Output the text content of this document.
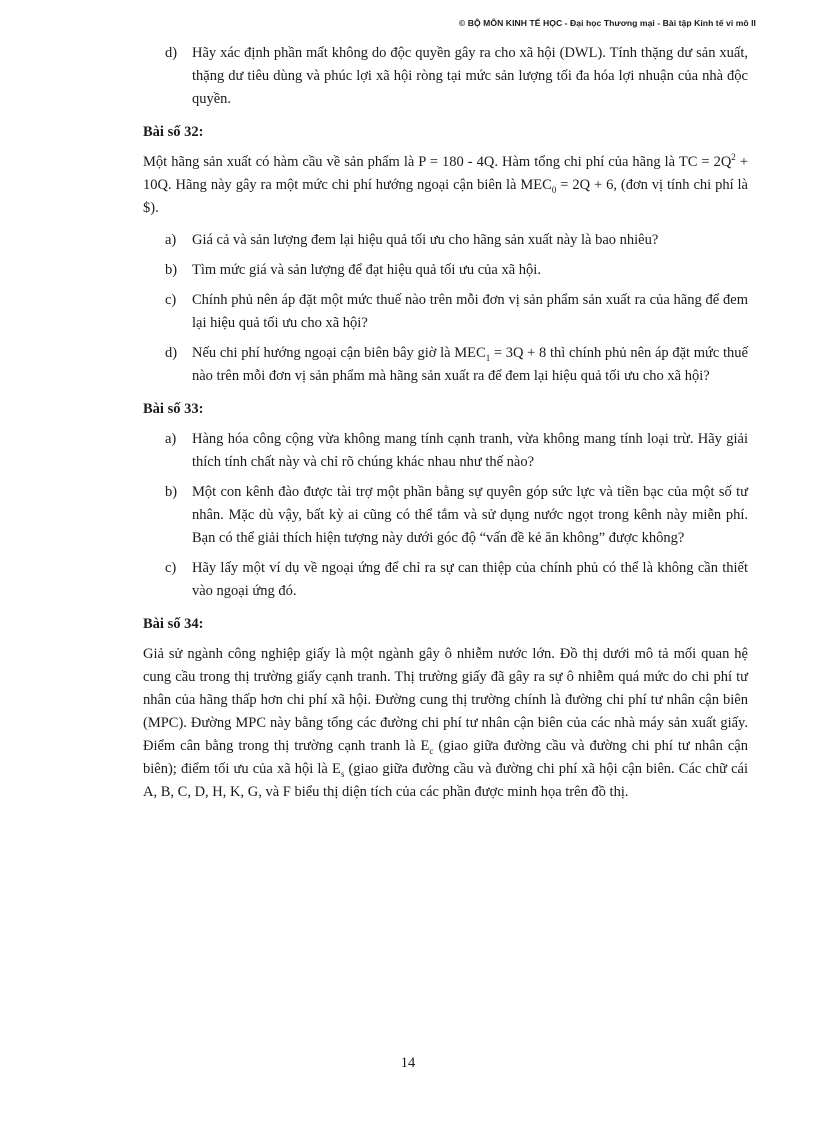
© BỘ MÔN KINH TẾ HỌC - Đại học Thương mại - Bài tập Kinh tế vi mô II
d) Hãy xác định phần mất không do độc quyền gây ra cho xã hội (DWL). Tính thặng dư sản xuất, thặng dư tiêu dùng và phúc lợi xã hội ròng tại mức sản lượng tối đa hóa lợi nhuận của nhà độc quyền.
Bài số 32:
Một hãng sản xuất có hàm cầu về sản phẩm là P = 180 - 4Q. Hàm tổng chi phí của hãng là TC = $2Q^2 + 10Q$. Hãng này gây ra một mức chi phí hướng ngoại cận biên là $MEC_0 = 2Q + 6$, (đơn vị tính chi phí là $).
a) Giá cả và sản lượng đem lại hiệu quả tối ưu cho hãng sản xuất này là bao nhiêu?
b) Tìm mức giá và sản lượng để đạt hiệu quả tối ưu của xã hội.
c) Chính phủ nên áp đặt một mức thuế nào trên mỗi đơn vị sản phẩm sản xuất ra của hãng để đem lại hiệu quả tối ưu cho xã hội?
d) Nếu chi phí hướng ngoại cận biên bây giờ là $MEC_1 = 3Q + 8$ thì chính phủ nên áp đặt mức thuế nào trên mỗi đơn vị sản phẩm mà hãng sản xuất ra để đem lại hiệu quả tối ưu cho xã hội?
Bài số 33:
a) Hàng hóa công cộng vừa không mang tính cạnh tranh, vừa không mang tính loại trừ. Hãy giải thích tính chất này và chỉ rõ chúng khác nhau như thế nào?
b) Một con kênh đào được tài trợ một phần bằng sự quyên góp sức lực và tiền bạc của một số tư nhân. Mặc dù vậy, bất kỳ ai cũng có thể tắm và sử dụng nước ngọt trong kênh này miễn phí. Bạn có thể giải thích hiện tượng này dưới góc độ “vấn đề kẻ ăn không” được không?
c) Hãy lấy một ví dụ về ngoại ứng để chỉ ra sự can thiệp của chính phủ có thể là không cần thiết vào ngoại ứng đó.
Bài số 34:
Giả sử ngành công nghiệp giấy là một ngành gây ô nhiễm nước lớn. Đồ thị dưới mô tả mối quan hệ cung cầu trong thị trường giấy cạnh tranh. Thị trường giấy đã gây ra sự ô nhiễm quá mức do chi phí tư nhân của hãng thấp hơn chi phí xã hội. Đường cung thị trường chính là đường chi phí tư nhân cận biên (MPC). Đường MPC này bằng tổng các đường chi phí tư nhân cận biên của các nhà máy sản xuất giấy. Điểm cân bằng trong thị trường cạnh tranh là $E_c$ (giao giữa đường cầu và đường chi phí tư nhân cận biên); điểm tối ưu của xã hội là $E_s$ (giao giữa đường cầu và đường chi phí xã hội cận biên. Các chữ cái A, B, C, D, H, K, G, và F biểu thị diện tích của các phần được minh họa trên đồ thị.
14
